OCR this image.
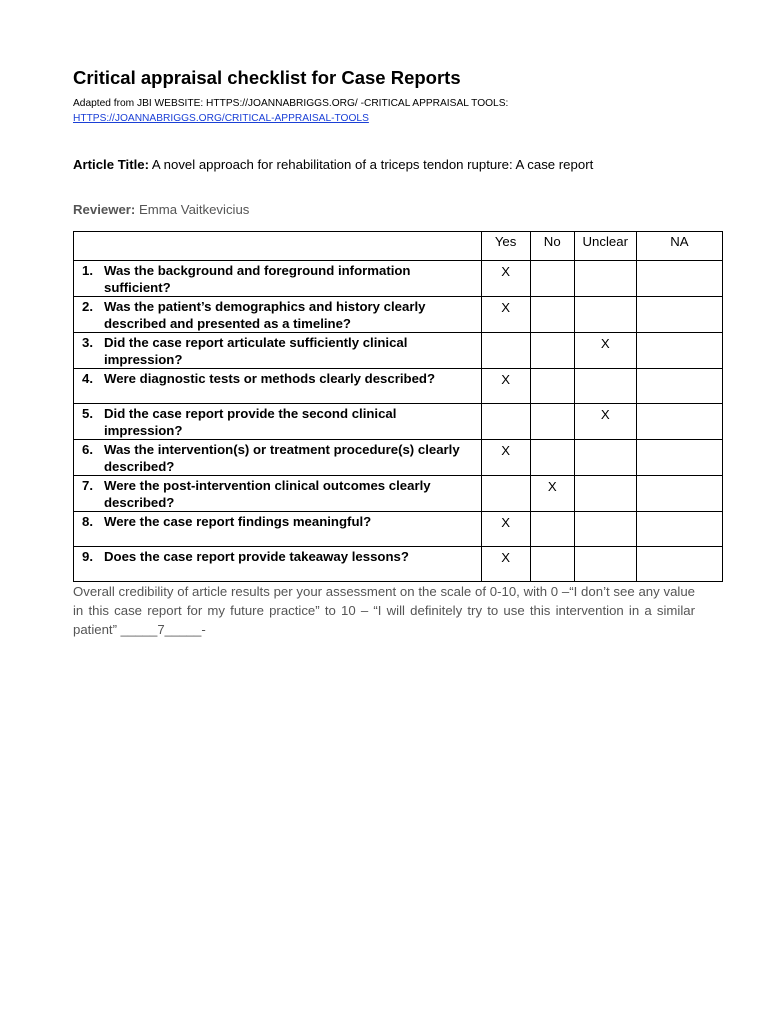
Critical appraisal checklist for Case Reports
Adapted from JBI WEBSITE: HTTPS://JOANNABRIGGS.ORG/ -CRITICAL APPRAISAL TOOLS: HTTPS://JOANNABRIGGS.ORG/CRITICAL-APPRAISAL-TOOLS
Article Title: A novel approach for rehabilitation of a triceps tendon rupture: A case report
Reviewer: Emma Vaitkevicius
	Yes	No	Unclear	NA
1. Was the background and foreground information sufficient?	X			
2. Was the patient’s demographics and history clearly described and presented as a timeline?	X			
3. Did the case report articulate sufficiently clinical impression?			X	
4. Were diagnostic tests or methods clearly described?	X			
5. Did the case report provide the second clinical impression?			X	
6. Was the intervention(s) or treatment procedure(s) clearly described?	X			
7. Were the post-intervention clinical outcomes clearly described?		X		
8. Were the case report findings meaningful?	X			
9. Does the case report provide takeaway lessons?	X			
Overall credibility of article results per your assessment on the scale of 0-10, with 0 –“I don’t see any value in this case report for my future practice” to 10 – “I will definitely try to use this intervention in a similar patient” _____7_____-
